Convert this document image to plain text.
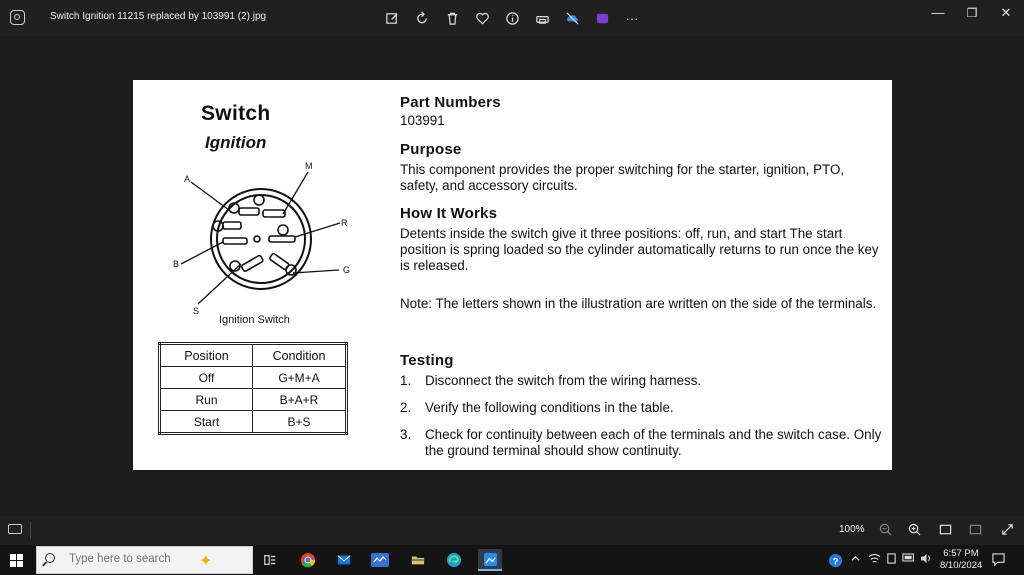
Switch Ignition 11215 replaced by 103991 (2).jpg	···	—	❐	✕
Switch
Ignition
A
M
R
B
G
S
Ignition Switch
Position	Condition
Off	G+M+A
Run	B+A+R
Start	B+S
Part Numbers
103991
Purpose
This component provides the proper switching for the starter, ignition, PTO, safety, and accessory circuits.
How It Works
Detents inside the switch give it three positions: off, run, and start The start position is spring loaded so the cylinder automatically returns to run once the key is released.
Note: The letters shown in the illustration are written on the side of the terminals.
Testing
1. Disconnect the switch from the wiring harness.
2. Verify the following conditions in the table.
3. Check for continuity between each of the terminals and the switch case. Only the ground terminal should show continuity.
100%
Type here to search
✦	?
6:57 PM
8/10/2024
